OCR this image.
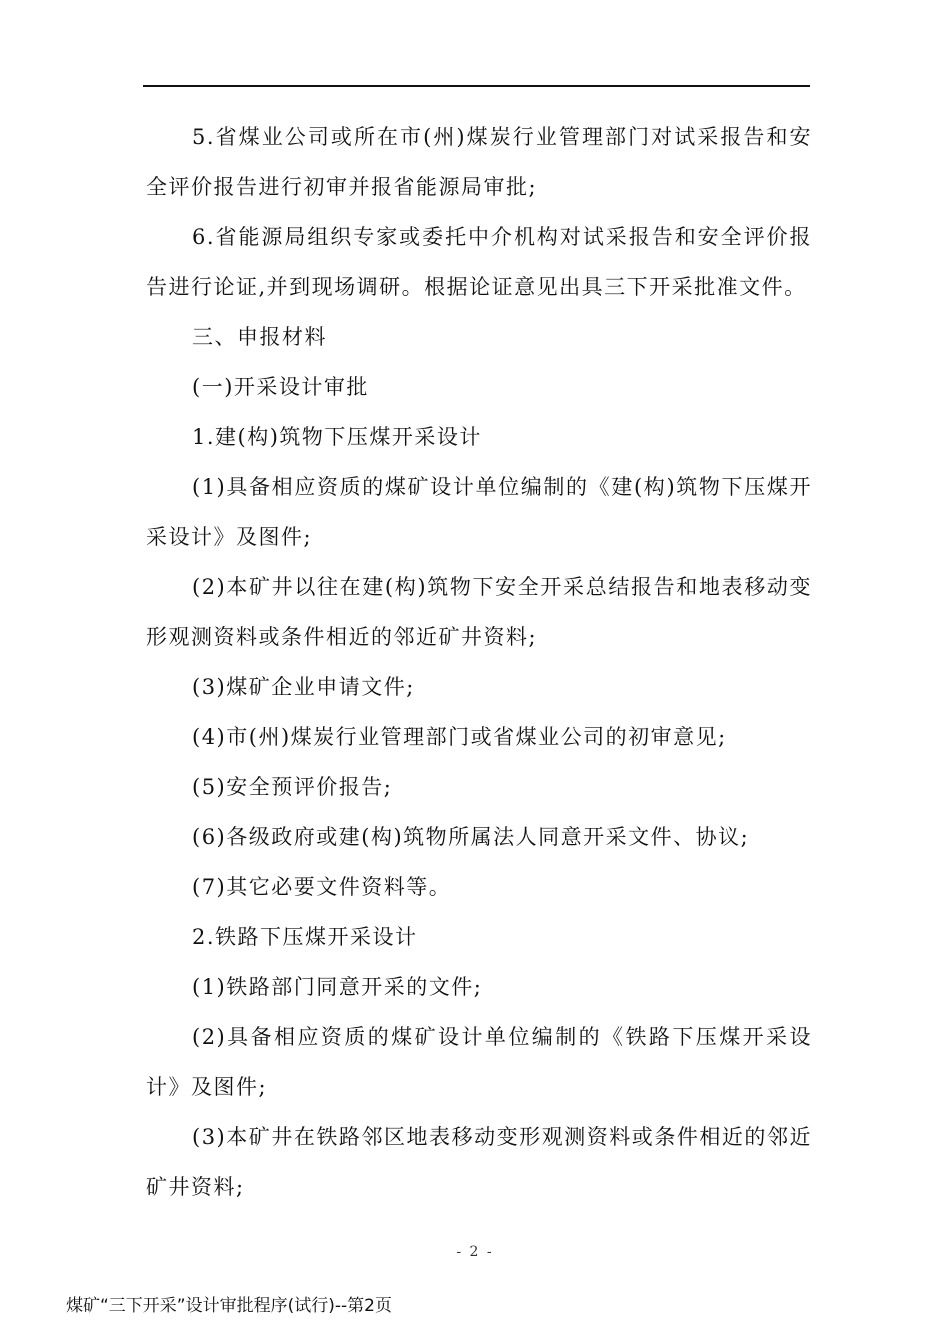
5.省煤业公司或所在市(州)煤炭行业管理部门对试采报告和安全评价报告进行初审并报省能源局审批;

6.省能源局组织专家或委托中介机构对试采报告和安全评价报告进行论证,并到现场调研。根据论证意见出具三下开采批准文件。

三、申报材料

(一)开采设计审批

1.建(构)筑物下压煤开采设计

(1)具备相应资质的煤矿设计单位编制的《建(构)筑物下压煤开采设计》及图件;

(2)本矿井以往在建(构)筑物下安全开采总结报告和地表移动变形观测资料或条件相近的邻近矿井资料;

(3)煤矿企业申请文件;

(4)市(州)煤炭行业管理部门或省煤业公司的初审意见;

(5)安全预评价报告;

(6)各级政府或建(构)筑物所属法人同意开采文件、协议;

(7)其它必要文件资料等。

2.铁路下压煤开采设计

(1)铁路部门同意开采的文件;

(2)具备相应资质的煤矿设计单位编制的《铁路下压煤开采设计》及图件;

(3)本矿井在铁路邻区地表移动变形观测资料或条件相近的邻近矿井资料;

- 2 -
煤矿“三下开采”设计审批程序(试行)--第2页
